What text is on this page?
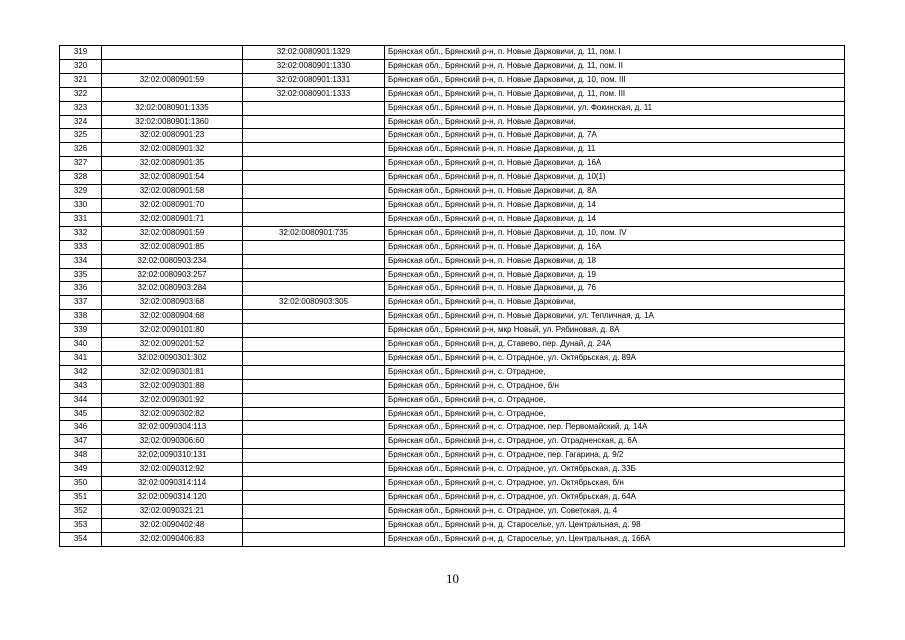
319		32:02:0080901:1329	Брянская обл., Брянский р-н, п. Новые Дарковичи, д. 11, пом. I
320		32:02:0080901:1330	Брянская обл., Брянский р-н, п. Новые Дарковичи, д. 11, пом. II
321	32:02:0080901:59	32:02:0080901:1331	Брянская обл., Брянский р-н, п. Новые Дарковичи, д. 10, пом. III
322		32:02:0080901:1333	Брянская обл., Брянский р-н, п. Новые Дарковичи, д. 11, пом. III
323	32:02:0080901:1335		Брянская обл., Брянский р-н, п. Новые Дарковичи, ул. Фокинская, д. 11
324	32:02:0080901:1360		Брянская обл., Брянский р-н, п. Новые Дарковичи,
325	32:02:0080901:23		Брянская обл., Брянский р-н, п. Новые Дарковичи, д. 7А
326	32:02:0080901:32		Брянская обл., Брянский р-н, п. Новые Дарковичи, д. 11
327	32:02:0080901:35		Брянская обл., Брянский р-н, п. Новые Дарковичи, д. 16А
328	32:02:0080901:54		Брянская обл., Брянский р-н, п. Новые Дарковичи, д. 10(1)
329	32:02:0080901:58		Брянская обл., Брянский р-н, п. Новые Дарковичи, д. 8А
330	32:02:0080901:70		Брянская обл., Брянский р-н, п. Новые Дарковичи, д. 14
331	32:02:0080901:71		Брянская обл., Брянский р-н, п. Новые Дарковичи, д. 14
332	32:02:0080901:59	32:02:0080901:735	Брянская обл., Брянский р-н, п. Новые Дарковичи, д. 10, пом. IV
333	32:02:0080901:85		Брянская обл., Брянский р-н, п. Новые Дарковичи, д. 16А
334	32:02:0080903:234		Брянская обл., Брянский р-н, п. Новые Дарковичи, д. 18
335	32:02:0080903:257		Брянская обл., Брянский р-н, п. Новые Дарковичи, д. 19
336	32:02:0080903:284		Брянская обл., Брянский р-н, п. Новые Дарковичи, д. 76
337	32:02:0080903:68	32:02:0080903:305	Брянская обл., Брянский р-н, п. Новые Дарковичи,
338	32:02:0080904:68		Брянская обл., Брянский р-н, п. Новые Дарковичи, ул. Тепличная, д. 1А
339	32:02:0090101:80		Брянская обл., Брянский р-н, мкр Новый, ул. Рябиновая, д. 8А
340	32:02:0090201:52		Брянская обл., Брянский р-н, д. Ставево, пер. Дунай, д. 24А
341	32:02:0090301:302		Брянская обл., Брянский р-н, с. Отрадное, ул. Октябрьская, д. 89А
342	32:02:0090301:81		Брянская обл., Брянский р-н, с. Отрадное,
343	32:02:0090301:88		Брянская обл., Брянский р-н, с. Отрадное, б/н
344	32:02:0090301:92		Брянская обл., Брянский р-н, с. Отрадное,
345	32:02:0090302:82		Брянская обл., Брянский р-н, с. Отрадное,
346	32:02:0090304:113		Брянская обл., Брянский р-н, с. Отрадное, пер. Первомайский, д. 14А
347	32:02:0090306:60		Брянская обл., Брянский р-н, с. Отрадное, ул. Отрадненская, д. 6А
348	32:02:0090310:131		Брянская обл., Брянский р-н, с. Отрадное, пер. Гагарина, д. 9/2
349	32:02:0090312:92		Брянская обл., Брянский р-н, с. Отрадное, ул. Октябрьская, д. 33Б
350	32:02:0090314:114		Брянская обл., Брянский р-н, с. Отрадное, ул. Октябрьская, б/н
351	32:02:0090314:120		Брянская обл., Брянский р-н, с. Отрадное, ул. Октябрьская, д. 64А
352	32:02:0090321:21		Брянская обл., Брянский р-н, с. Отрадное, ул. Советская, д. 4
353	32:02:0090402:48		Брянская обл., Брянский р-н, д. Староселье, ул. Центральная, д. 98
354	32:02:0090406:83		Брянская обл., Брянский р-н, д. Староселье, ул. Центральная, д. 166А
10
